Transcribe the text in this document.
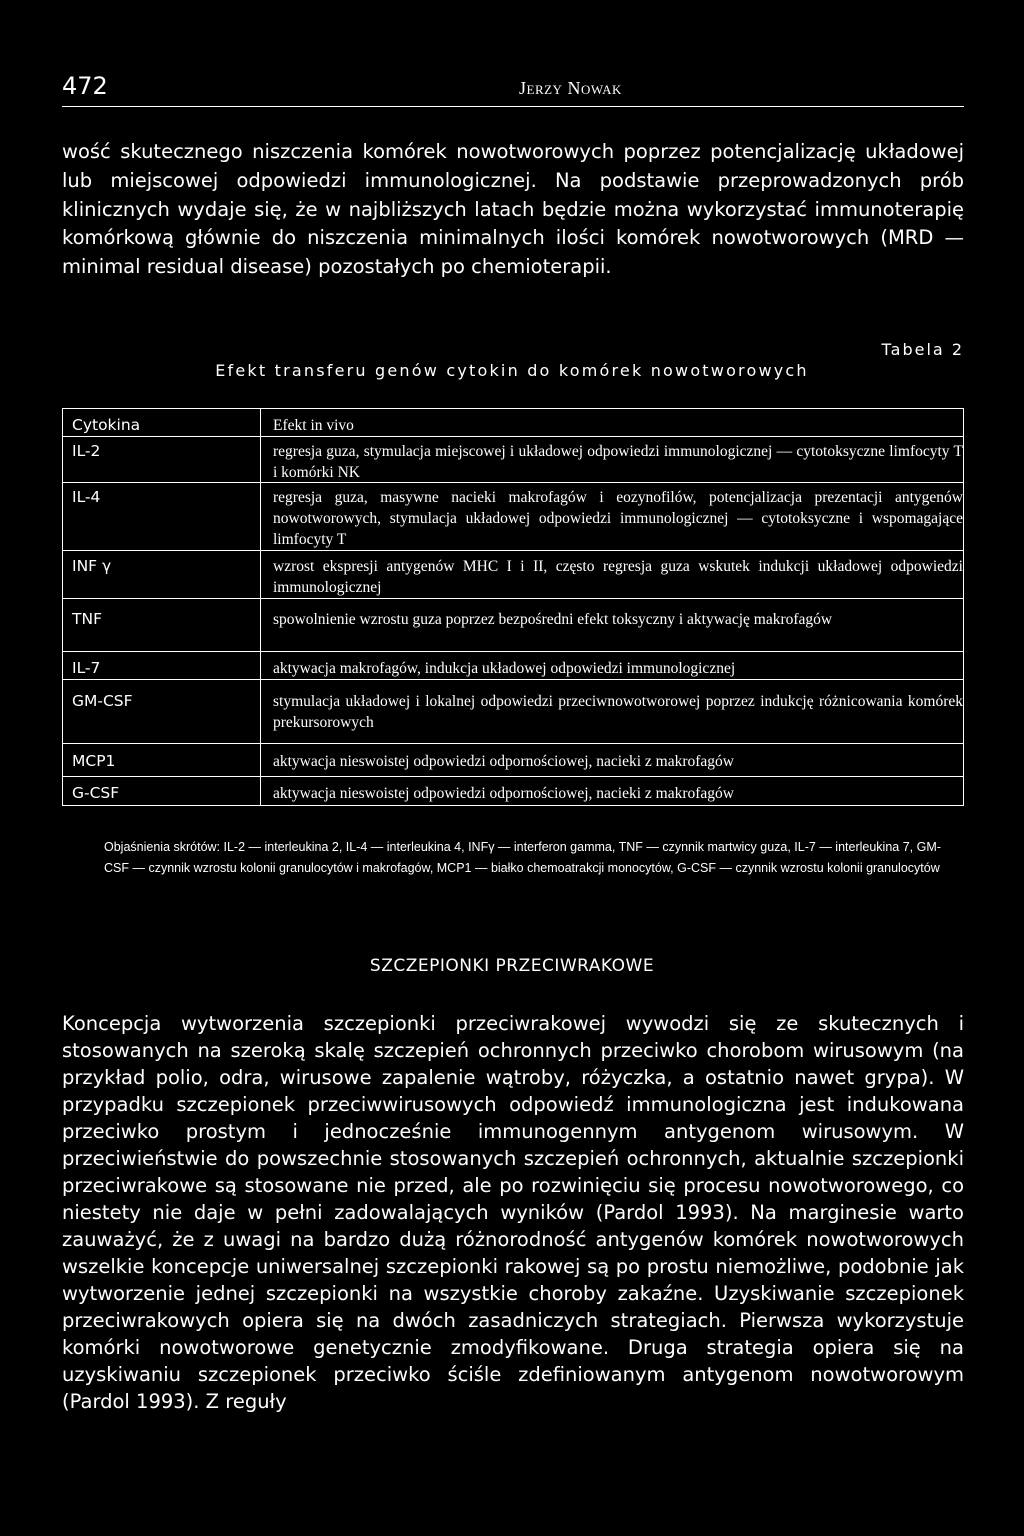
472	Jerzy Nowak

wość skutecznego niszczenia komórek nowotworowych poprzez potencjalizację układowej lub miejscowej odpowiedzi immunologicznej. Na podstawie przeprowadzonych prób klinicznych wydaje się, że w najbliższych latach będzie można wykorzystać immunoterapię komórkową głównie do niszczenia minimalnych ilości komórek nowotworowych (MRD — minimal residual disease) pozostałych po chemioterapii.

Tabela 2
Efekt transferu genów cytokin do komórek nowotworowych
Cytokina	Efekt in vivo
IL-2	regresja guza, stymulacja miejscowej i układowej odpowiedzi immunologicznej — cytotoksyczne limfocyty T i komórki NK
IL-4	regresja guza, masywne nacieki makrofagów i eozynofilów, potencjalizacja prezentacji antygenów nowotworowych, stymulacja układowej odpowiedzi immunologicznej — cytotoksyczne i wspomagające limfocyty T
INF γ	wzrost ekspresji antygenów MHC I i II, często regresja guza wskutek indukcji układowej odpowiedzi immunologicznej
TNF	spowolnienie wzrostu guza poprzez bezpośredni efekt toksyczny i aktywację makrofagów
IL-7	aktywacja makrofagów, indukcja układowej odpowiedzi immunologicznej
GM-CSF	stymulacja układowej i lokalnej odpowiedzi przeciwnowotworowej poprzez indukcję różnicowania komórek prekursorowych
MCP1	aktywacja nieswoistej odpowiedzi odpornościowej, nacieki z makrofagów
G-CSF	aktywacja nieswoistej odpowiedzi odpornościowej, nacieki z makrofagów
Objaśnienia skrótów: IL-2 — interleukina 2, IL-4 — interleukina 4, INFγ — interferon gamma, TNF — czynnik martwicy guza, IL-7 — interleukina 7, GM-CSF — czynnik wzrostu kolonii granulocytów i makrofagów, MCP1 — białko chemoatrakcji monocytów, G-CSF — czynnik wzrostu kolonii granulocytów
SZCZEPIONKI PRZECIWRAKOWE

Koncepcja wytworzenia szczepionki przeciwrakowej wywodzi się ze skutecznych i stosowanych na szeroką skalę szczepień ochronnych przeciwko chorobom wirusowym (na przykład polio, odra, wirusowe zapalenie wątroby, różyczka, a ostatnio nawet grypa). W przypadku szczepionek przeciwwirusowych odpowiedź immunologiczna jest indukowana przeciwko prostym i jednocześnie immunogennym antygenom wirusowym. W przeciwieństwie do powszechnie stosowanych szczepień ochronnych, aktualnie szczepionki przeciwrakowe są stosowane nie przed, ale po rozwinięciu się procesu nowotworowego, co niestety nie daje w pełni zadowalających wyników (Pardol 1993). Na marginesie warto zauważyć, że z uwagi na bardzo dużą różnorodność antygenów komórek nowotworowych wszelkie koncepcje uniwersalnej szczepionki rakowej są po prostu niemożliwe, podobnie jak wytworzenie jednej szczepionki na wszystkie choroby zakaźne. Uzyskiwanie szczepionek przeciwrakowych opiera się na dwóch zasadniczych strategiach. Pierwsza wykorzystuje komórki nowotworowe genetycznie zmodyfikowane. Druga strategia opiera się na uzyskiwaniu szczepionek przeciwko ściśle zdefiniowanym antygenom nowotworowym (Pardol 1993). Z reguły
